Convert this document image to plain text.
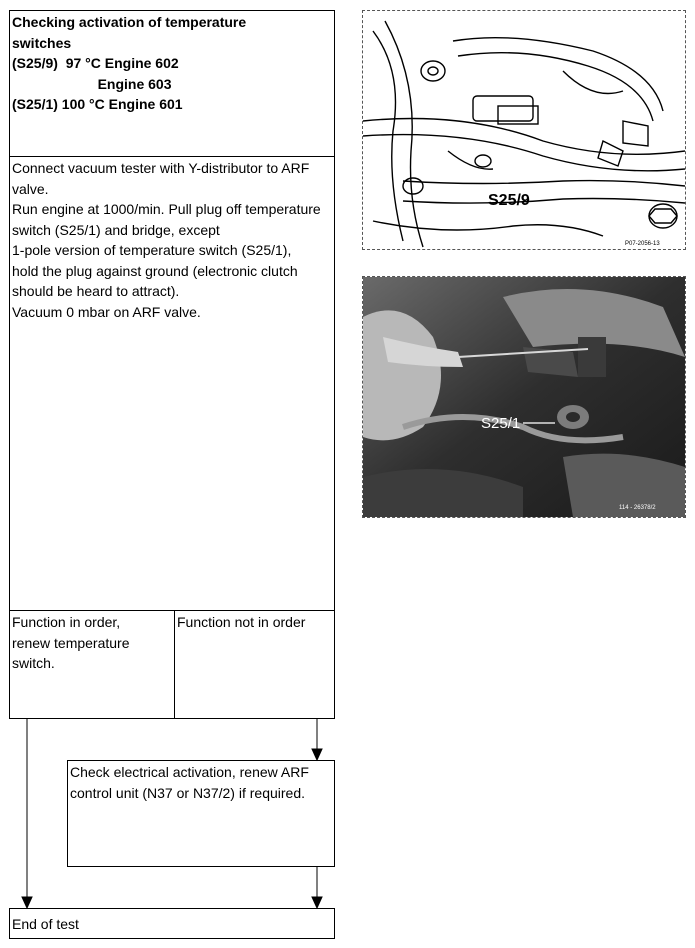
Checking activation of temperature
switches
(S25/9)  97 °C Engine 602
Engine 603
(S25/1) 100 °C Engine 601
Connect vacuum tester with Y-distributor to ARF valve.
Run engine at 1000/min. Pull plug off temperature switch (S25/1) and bridge, except
1-pole version of temperature switch (S25/1),
hold the plug against ground (electronic clutch
should be heard to attract).
Vacuum 0 mbar on ARF valve.
Function in order, renew temperature switch.
Function not in order
Check electrical activation, renew ARF control unit (N37 or N37/2) if required.
End of test
S25/9
P07-2056-13
S25/1
114 - 26378/2
